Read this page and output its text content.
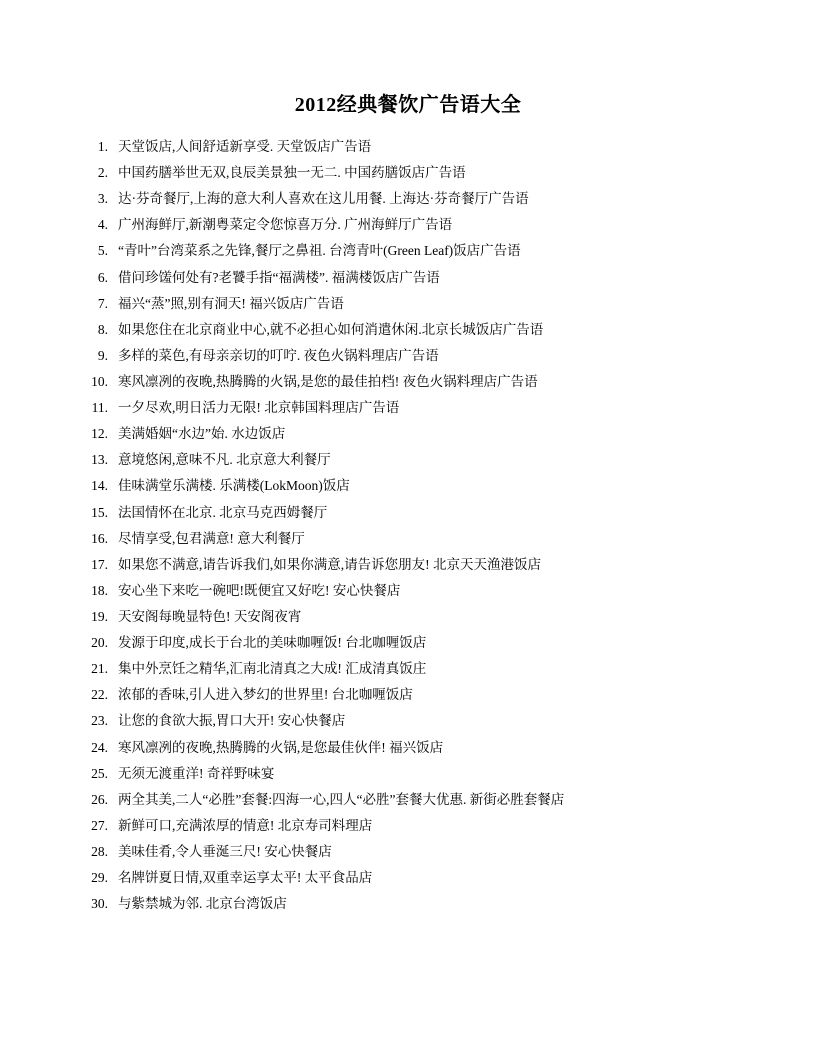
2012经典餐饮广告语大全
天堂饭店,人间舒适新享受. 天堂饭店广告语
中国药膳举世无双,良辰美景独一无二. 中国药膳饭店广告语
达·芬奇餐厅,上海的意大利人喜欢在这儿用餐. 上海达·芬奇餐厅广告语
广州海鲜厅,新潮粤菜定令您惊喜万分. 广州海鲜厅广告语
“青叶”台湾菜系之先锋,餐厅之鼻祖. 台湾青叶(Green Leaf)饭店广告语
借问珍馐何处有?老饕手指“福满楼”. 福满楼饭店广告语
福兴“蒸”照,别有洞天! 福兴饭店广告语
如果您住在北京商业中心,就不必担心如何消遣休闲.北京长城饭店广告语
多样的菜色,有母亲亲切的叮咛. 夜色火锅料理店广告语
寒风凛冽的夜晚,热腾腾的火锅,是您的最佳拍档! 夜色火锅料理店广告语
一夕尽欢,明日活力无限! 北京韩国料理店广告语
美满婚姻“水边”始. 水边饭店
意境悠闲,意味不凡. 北京意大利餐厅
佳味满堂乐满楼. 乐满楼(LokMoon)饭店
法国情怀在北京. 北京马克西姆餐厅
尽情享受,包君满意! 意大利餐厅
如果您不满意,请告诉我们,如果你满意,请告诉您朋友! 北京天天渔港饭店
安心坐下来吃一碗吧!既便宜又好吃! 安心快餐店
天安阁每晚显特色! 天安阁夜宵
发源于印度,成长于台北的美味咖喱饭! 台北咖喱饭店
集中外烹饪之精华,汇南北清真之大成! 汇成清真饭庄
浓郁的香味,引人进入梦幻的世界里! 台北咖喱饭店
让您的食欲大振,胃口大开! 安心快餐店
寒风凛冽的夜晚,热腾腾的火锅,是您最佳伙伴! 福兴饭店
无须无渡重洋! 奇祥野味宴
两全其美,二人“必胜”套餐:四海一心,四人“必胜”套餐大优惠. 新街必胜套餐店
新鲜可口,充满浓厚的情意! 北京寿司料理店
美味佳肴,令人垂涎三尺! 安心快餐店
名牌饼夏日情,双重幸运享太平! 太平食品店
与紫禁城为邻. 北京台湾饭店
